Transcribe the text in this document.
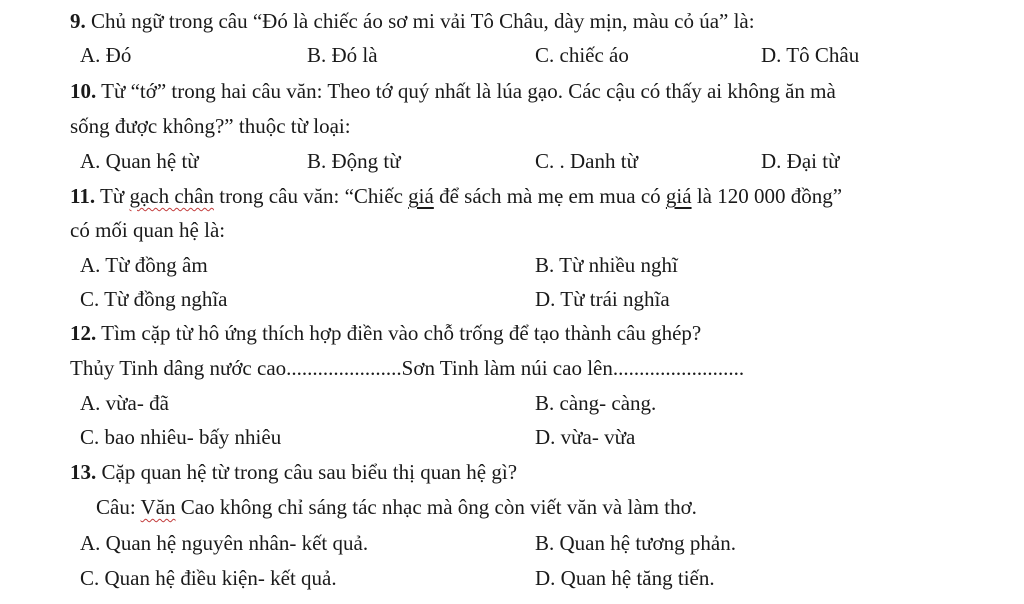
9. Chủ ngữ trong câu “Đó là chiếc áo sơ mi vải Tô Châu, dày mịn, màu cỏ úa” là:
A. Đó	B. Đó là	C. chiếc áo	D. Tô Châu
10. Từ “tớ” trong hai câu văn: Theo tớ quý nhất là lúa gạo. Các cậu có thấy ai không ăn mà
sống được không?” thuộc từ loại:
A. Quan hệ từ	B. Động từ	C. . Danh từ	D. Đại từ
11. Từ gạch chân trong câu văn: “Chiếc giá để sách mà mẹ em mua có giá là 120 000 đồng”
có mối quan hệ là:
A. Từ đồng âm	B. Từ nhiều nghĩ
C. Từ đồng nghĩa	D. Từ trái nghĩa
12. Tìm cặp từ hô ứng thích hợp điền vào chỗ trống để tạo thành câu ghép?
Thủy Tinh dâng nước cao......................Sơn Tinh làm núi cao lên.........................
A. vừa- đã	B. càng- càng.
C. bao nhiêu- bấy nhiêu	D. vừa- vừa
13. Cặp quan hệ từ trong câu sau biểu thị quan hệ gì?
Câu: Văn Cao không chỉ sáng tác nhạc mà ông còn viết văn và làm thơ.
A. Quan hệ nguyên nhân- kết quả.	B. Quan hệ tương phản.
C. Quan hệ điều kiện- kết quả.	D. Quan hệ tăng tiến.
